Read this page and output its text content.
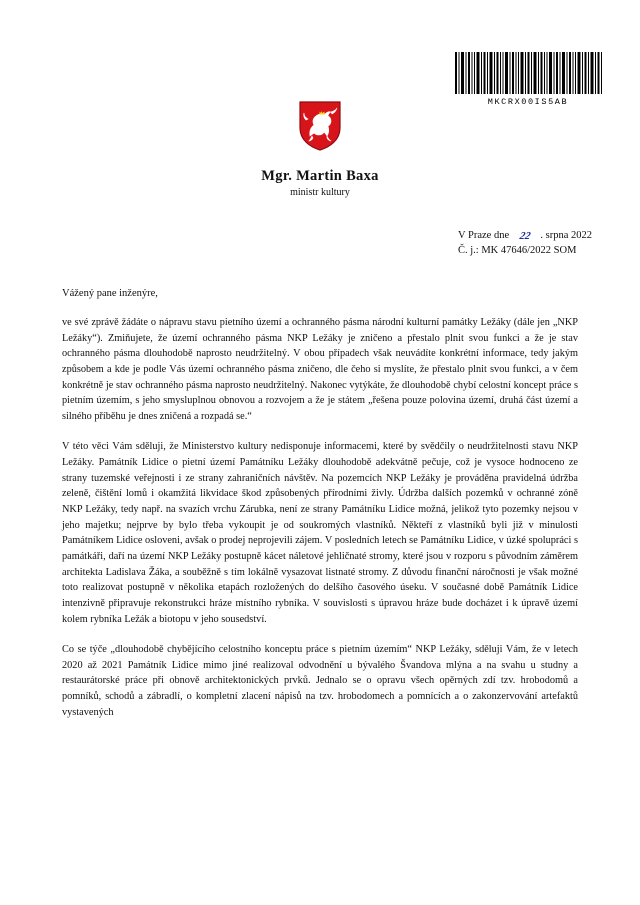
MKCRX00IS5AB
Mgr. Martin Baxa
ministr kultury
V Praze dne 22 . srpna 2022
Č. j.: MK 47646/2022 SOM
Vážený pane inženýre,

ve své zprávě žádáte o nápravu stavu pietního území a ochranného pásma národní kulturní památky Ležáky (dále jen „NKP Ležáky“). Zmiňujete, že území ochranného pásma NKP Ležáky je zničeno a přestalo plnit svou funkci a že je stav ochranného pásma dlouhodobě naprosto neudržitelný. V obou případech však neuvádíte konkrétní informace, tedy jakým způsobem a kde je podle Vás území ochranného pásma zničeno, dle čeho si myslíte, že přestalo plnit svou funkci, a v čem konkrétně je stav ochranného pásma naprosto neudržitelný. Nakonec vytýkáte, že dlouhodobě chybí celostní koncept práce s pietním územím, s jeho smysluplnou obnovou a rozvojem a že je státem „řešena pouze polovina území, druhá část území a silného příběhu je dnes zničená a rozpadá se.“

V této věci Vám sděluji, že Ministerstvo kultury nedisponuje informacemi, které by svědčily o neudržitelnosti stavu NKP Ležáky. Památník Lidice o pietní území Památníku Ležáky dlouhodobě adekvátně pečuje, což je vysoce hodnoceno ze strany tuzemské veřejnosti i ze strany zahraničních návštěv. Na pozemcích NKP Ležáky je prováděna pravidelná údržba zeleně, čištění lomů i okamžitá likvidace škod způsobených přírodními živly. Údržba dalších pozemků v ochranné zóně NKP Ležáky, tedy např. na svazích vrchu Zárubka, není ze strany Památníku Lidice možná, jelikož tyto pozemky nejsou v jeho majetku; nejprve by bylo třeba vykoupit je od soukromých vlastníků. Někteří z vlastníků byli již v minulosti Památníkem Lidice osloveni, avšak o prodej neprojevili zájem. V posledních letech se Památníku Lidice, v úzké spolupráci s památkáři, daří na území NKP Ležáky postupně kácet náletové jehličnaté stromy, které jsou v rozporu s původním záměrem architekta Ladislava Žáka, a souběžně s tím lokálně vysazovat listnaté stromy. Z důvodu finanční náročnosti je však možné toto realizovat postupně v několika etapách rozložených do delšího časového úseku. V současné době Památník Lidice intenzivně připravuje rekonstrukci hráze místního rybníka. V souvislosti s úpravou hráze bude docházet i k úpravě území kolem rybníka Ležák a biotopu v jeho sousedství.

Co se týče „dlouhodobě chybějícího celostního konceptu práce s pietním územím“ NKP Ležáky, sděluji Vám, že v letech 2020 až 2021 Památník Lidice mimo jiné realizoval odvodnění u bývalého Švandova mlýna a na svahu u studny a restaurátorské práce při obnově architektonických prvků. Jednalo se o opravu všech opěrných zdí tzv. hrobodomů a pomníků, schodů a zábradlí, o kompletní zlacení nápisů na tzv. hrobodomech a pomnících a o zakonzervování artefaktů vystavených
